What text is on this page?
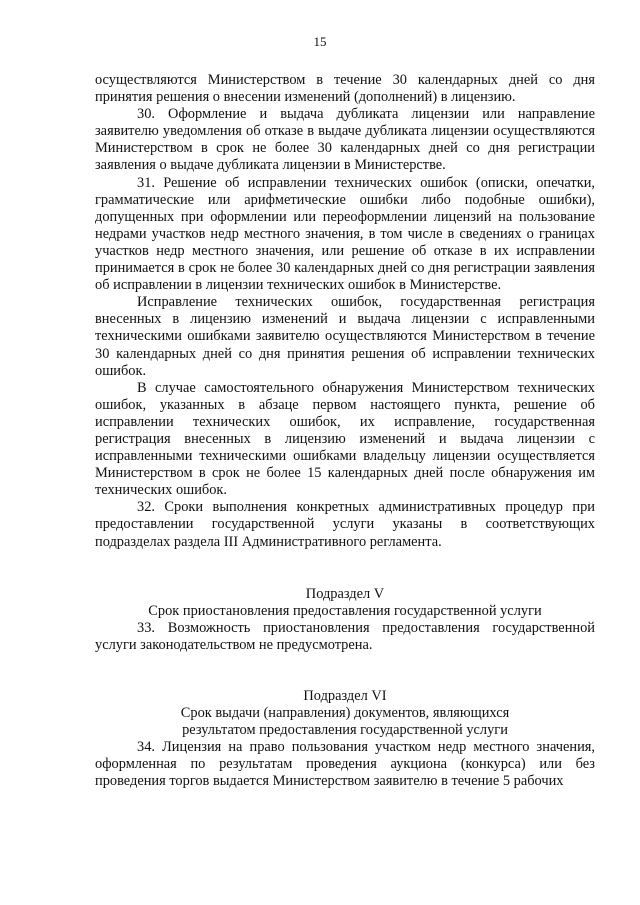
15

осуществляются Министерством в течение 30 календарных дней со дня принятия решения о внесении изменений (дополнений) в лицензию.

30. Оформление и выдача дубликата лицензии или направление заявителю уведомления об отказе в выдаче дубликата лицензии осуществляются Министерством в срок не более 30 календарных дней со дня регистрации заявления о выдаче дубликата лицензии в Министерстве.

31. Решение об исправлении технических ошибок (описки, опечатки, грамматические или арифметические ошибки либо подобные ошибки), допущенных при оформлении или переоформлении лицензий на пользование недрами участков недр местного значения, в том числе в сведениях о границах участков недр местного значения, или решение об отказе в их исправлении принимается в срок не более 30 календарных дней со дня регистрации заявления об исправлении в лицензии технических ошибок в Министерстве.

Исправление технических ошибок, государственная регистрация внесенных в лицензию изменений и выдача лицензии с исправленными техническими ошибками заявителю осуществляются Министерством в течение 30 календарных дней со дня принятия решения об исправлении технических ошибок.

В случае самостоятельного обнаружения Министерством технических ошибок, указанных в абзаце первом настоящего пункта, решение об исправлении технических ошибок, их исправление, государственная регистрация внесенных в лицензию изменений и выдача лицензии с исправленными техническими ошибками владельцу лицензии осуществляется Министерством в срок не более 15 календарных дней после обнаружения им технических ошибок.

32. Сроки выполнения конкретных административных процедур при предоставлении государственной услуги указаны в соответствующих подразделах раздела III Административного регламента.

Подраздел V
Срок приостановления предоставления государственной услуги

33. Возможность приостановления предоставления государственной услуги законодательством не предусмотрена.

Подраздел VI
Срок выдачи (направления) документов, являющихся
результатом предоставления государственной услуги

34. Лицензия на право пользования участком недр местного значения, оформленная по результатам проведения аукциона (конкурса) или без проведения торгов выдается Министерством заявителю в течение 5 рабочих
